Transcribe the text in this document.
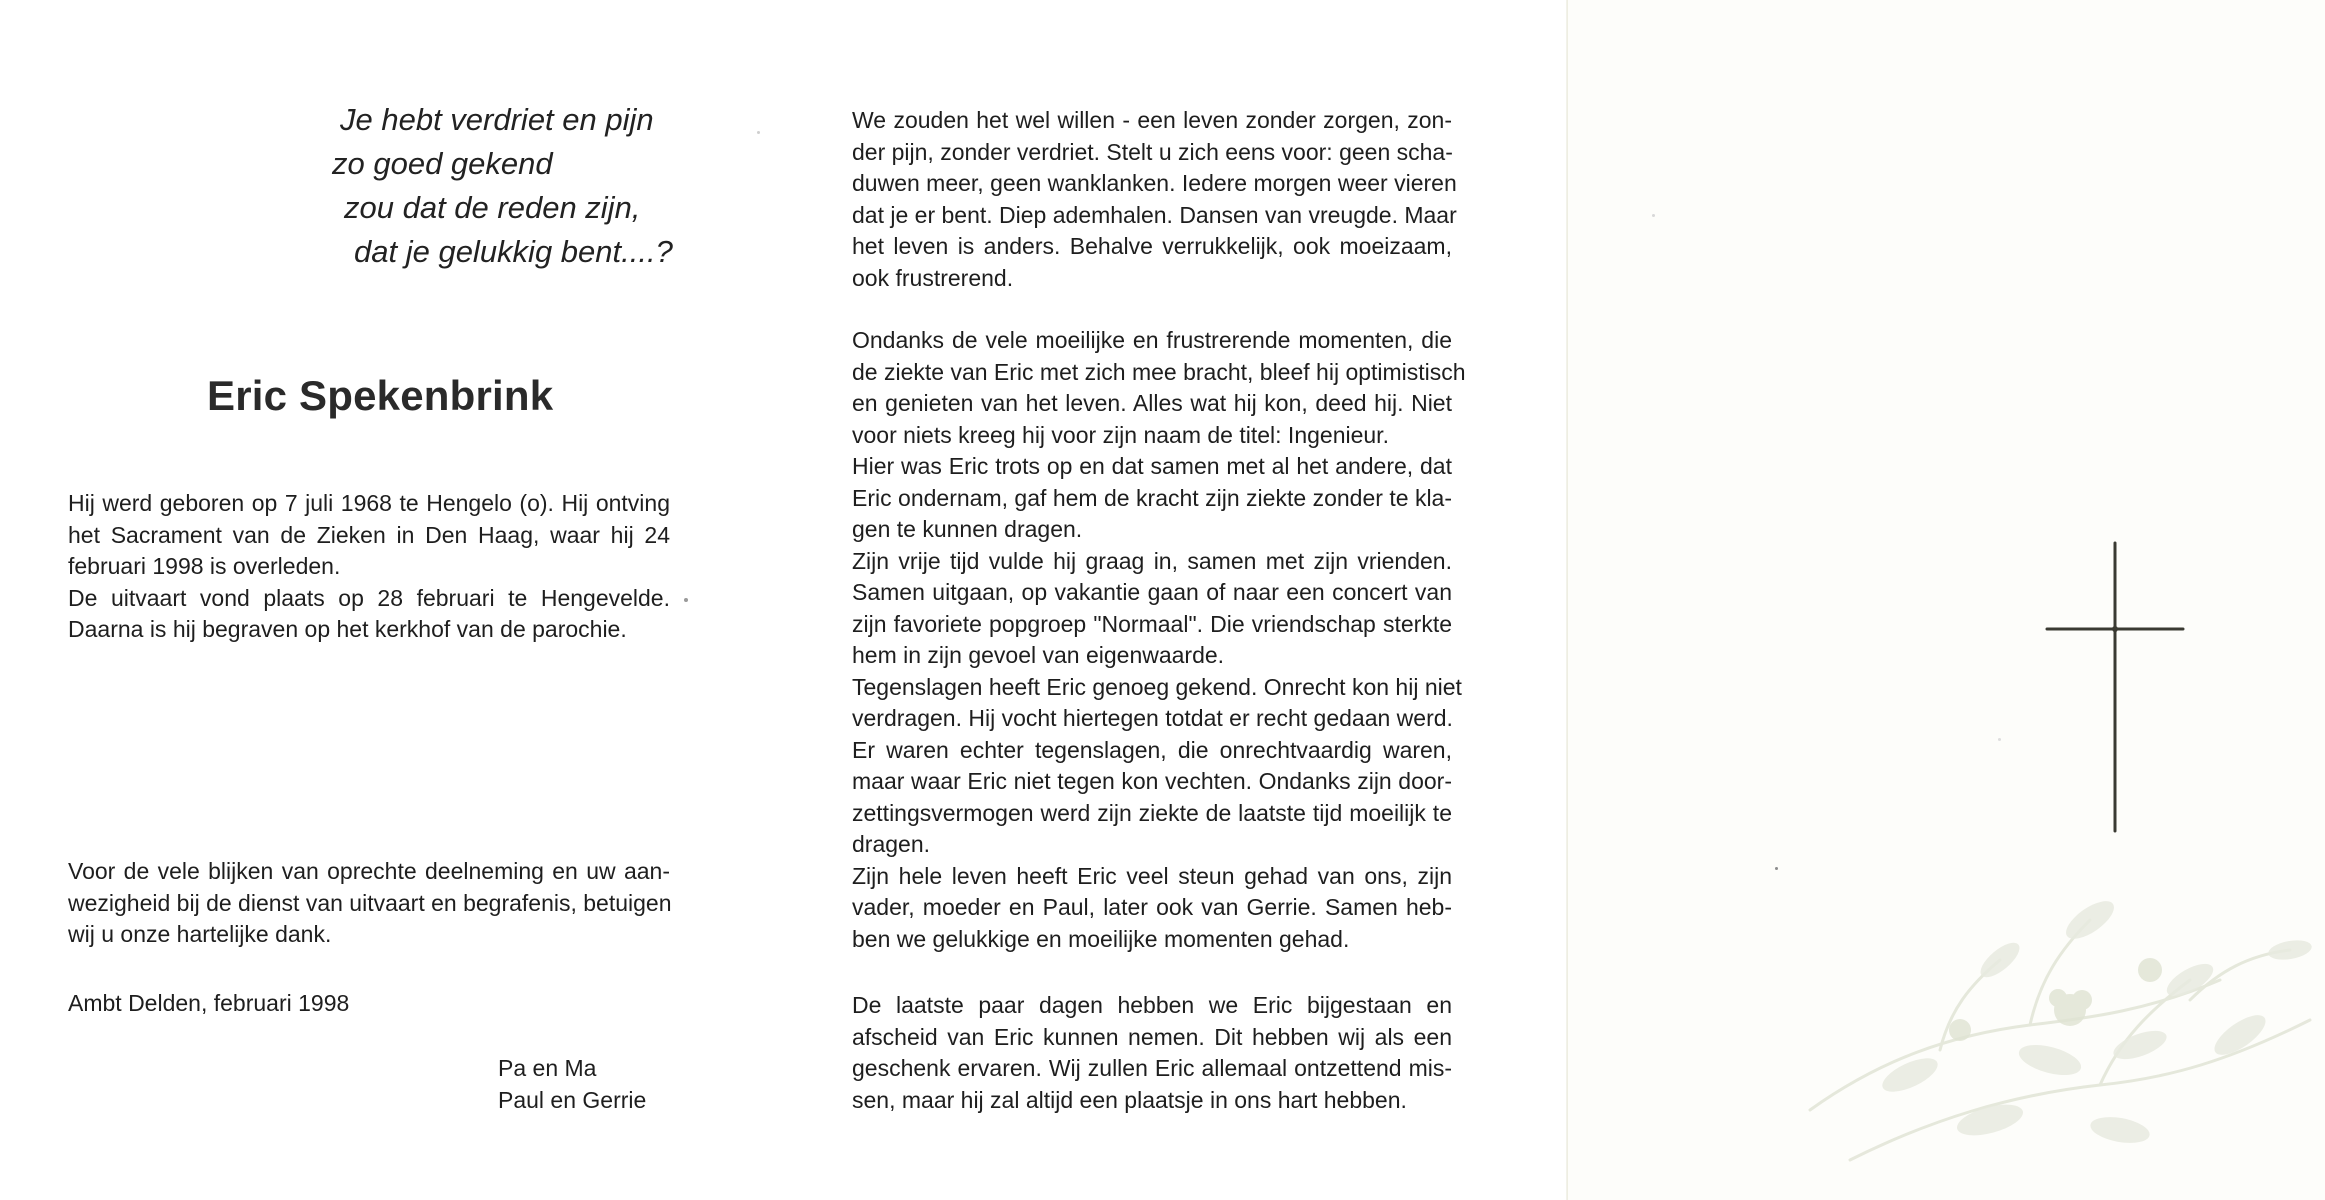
Je hebt verdriet en pijn
zo goed gekend
zou dat de reden zijn,
dat je gelukkig bent....?
Eric Spekenbrink
Hij werd geboren op 7 juli 1968 te Hengelo (o). Hij ontving
het Sacrament van de Zieken in Den Haag, waar hij 24
februari 1998 is overleden.
De uitvaart vond plaats op 28 februari te Hengevelde.
Daarna is hij begraven op het kerkhof van de parochie.
Voor de vele blijken van oprechte deelneming en uw aan-
wezigheid bij de dienst van uitvaart en begrafenis, betuigen
wij u onze hartelijke dank.
Ambt Delden, februari 1998
Pa en Ma
Paul en Gerrie
We zouden het wel willen - een leven zonder zorgen, zon-
der pijn, zonder verdriet. Stelt u zich eens voor: geen scha-
duwen meer, geen wanklanken. Iedere morgen weer vieren
dat je er bent. Diep ademhalen. Dansen van vreugde. Maar
het leven is anders. Behalve verrukkelijk, ook moeizaam,
ook frustrerend.
Ondanks de vele moeilijke en frustrerende momenten, die
de ziekte van Eric met zich mee bracht, bleef hij optimistisch
en genieten van het leven. Alles wat hij kon, deed hij. Niet
voor niets kreeg hij voor zijn naam de titel: Ingenieur.
Hier was Eric trots op en dat samen met al het andere, dat
Eric ondernam, gaf hem de kracht zijn ziekte zonder te kla-
gen te kunnen dragen.
Zijn vrije tijd vulde hij graag in, samen met zijn vrienden.
Samen uitgaan, op vakantie gaan of naar een concert van
zijn favoriete popgroep "Normaal". Die vriendschap sterkte
hem in zijn gevoel van eigenwaarde.
Tegenslagen heeft Eric genoeg gekend. Onrecht kon hij niet
verdragen. Hij vocht hiertegen totdat er recht gedaan werd.
Er waren echter tegenslagen, die onrechtvaardig waren,
maar waar Eric niet tegen kon vechten. Ondanks zijn door-
zettingsvermogen werd zijn ziekte de laatste tijd moeilijk te
dragen.
Zijn hele leven heeft Eric veel steun gehad van ons, zijn
vader, moeder en Paul, later ook van Gerrie. Samen heb-
ben we gelukkige en moeilijke momenten gehad.
De laatste paar dagen hebben we Eric bijgestaan en
afscheid van Eric kunnen nemen. Dit hebben wij als een
geschenk ervaren. Wij zullen Eric allemaal ontzettend mis-
sen, maar hij zal altijd een plaatsje in ons hart hebben.
